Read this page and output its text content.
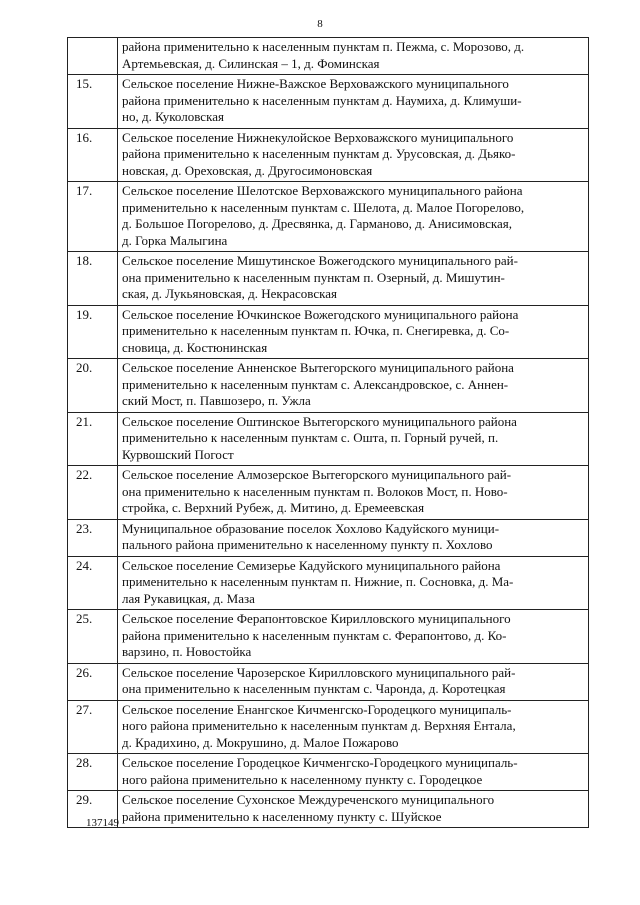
8

	района применительно к населенным пунктам п. Пежма, с. Морозово, д.
Артемьевская, д. Силинская – 1, д. Фоминская

15.	Сельское поселение Нижне-Важское Верховажского муниципального
района применительно к населенным пунктам д. Наумиха, д. Климуши-
но, д. Куколовская

16.	Сельское поселение Нижнекулойское Верховажского муниципального
района применительно к населенным пунктам д. Урусовская, д. Дьяко-
новская, д. Ореховская, д. Другосимоновская

17.	Сельское поселение Шелотское Верховажского муниципального района
применительно к населенным пунктам с. Шелота, д. Малое Погорелово,
д. Большое Погорелово, д. Дресвянка, д. Гарманово, д. Анисимовская,
д. Горка Малыгина

18.	Сельское поселение Мишутинское Вожегодского муниципального рай-
она применительно к населенным пунктам п. Озерный, д. Мишутин-
ская, д. Лукьяновская, д. Некрасовская

19.	Сельское поселение Ючкинское Вожегодского муниципального района
применительно к населенным пунктам п. Ючка, п. Снегиревка, д. Со-
сновица, д. Костюнинская

20.	Сельское поселение Анненское Вытегорского муниципального района
применительно к населенным пунктам с. Александровское, с. Аннен-
ский Мост, п. Павшозеро, п. Ужла

21.	Сельское поселение Оштинское Вытегорского муниципального района
применительно к населенным пунктам с. Ошта, п. Горный ручей, п.
Курвошский Погост

22.	Сельское поселение Алмозерское Вытегорского муниципального рай-
она применительно к населенным пунктам п. Волоков Мост, п. Ново-
стройка, с. Верхний Рубеж, д. Митино, д. Еремеевская

23.	Муниципальное образование поселок Хохлово Кадуйского муници-
пального района применительно к населенному пункту п. Хохлово

24.	Сельское поселение Семизерье Кадуйского муниципального района
применительно к населенным пунктам п. Нижние, п. Сосновка, д. Ма-
лая Рукавицкая, д. Маза

25.	Сельское поселение Ферапонтовское Кирилловского муниципального
района применительно к населенным пунктам с. Ферапонтово, д. Ко-
варзино, п. Новостойка

26.	Сельское поселение Чарозерское Кирилловского муниципального рай-
она применительно к населенным пунктам с. Чаронда, д. Коротецкая

27.	Сельское поселение Енангское Кичменгско-Городецкого муниципаль-
ного района применительно к населенным пунктам д. Верхняя Ентала,
д. Крадихино, д. Мокрушино, д. Малое Пожарово

28.	Сельское поселение Городецкое Кичменгско-Городецкого муниципаль-
ного района применительно к населенному пункту с. Городецкое

29.	Сельское поселение Сухонское Междуреченского муниципального
района применительно к населенному пункту с. Шуйское
137149
